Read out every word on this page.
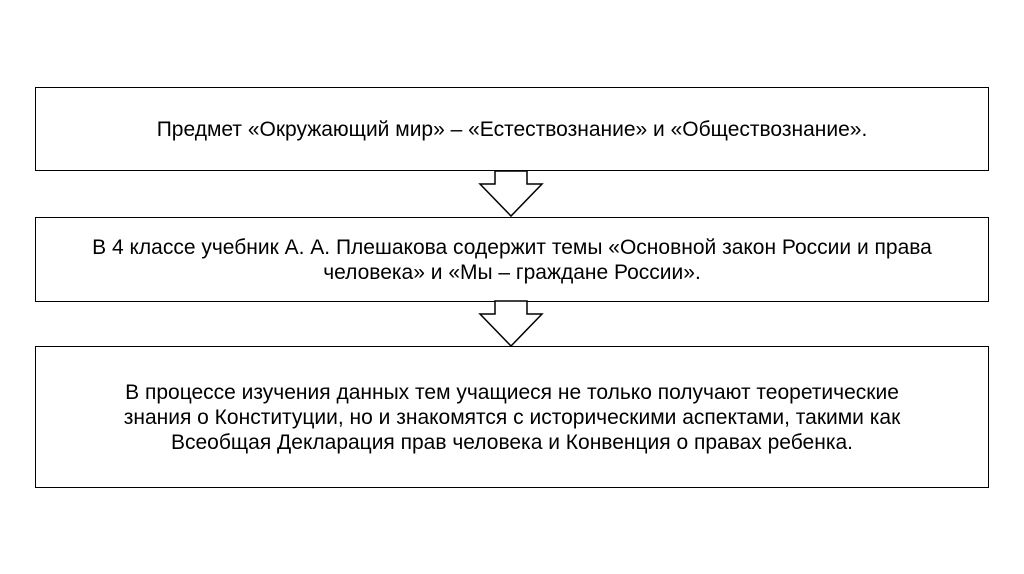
Предмет «Окружающий мир» – «Естествознание» и «Обществознание».
В 4 классе учебник А. А. Плешакова содержит темы «Основной закон России и права человека» и «Мы – граждане России».
В процессе изучения данных тем учащиеся не только получают теоретические знания о Конституции, но и знакомятся с историческими аспектами, такими как Всеобщая Декларация прав человека и Конвенция о правах ребенка.
